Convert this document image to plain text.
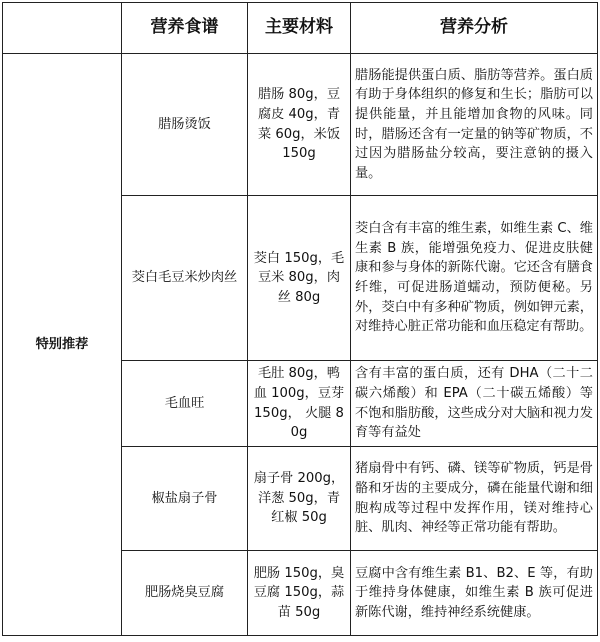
	营养食谱	主要材料	营养分析
特别推荐	腊肠烫饭	腊肠 80g，豆腐皮 40g，青菜 60g，米饭 150g	腊肠能提供蛋白质、脂肪等营养。蛋白质有助于身体组织的修复和生长；脂肪可以提供能量，并且能增加食物的风味。同时，腊肠还含有一定量的钠等矿物质，不过因为腊肠盐分较高，要注意钠的摄入量。
	茭白毛豆米炒肉丝	茭白 150g，毛豆米 80g，肉丝 80g	茭白含有丰富的维生素，如维生素 C、维生素 B 族，能增强免疫力、促进皮肤健康和参与身体的新陈代谢。它还含有膳食纤维，可促进肠道蠕动，预防便秘。另外，茭白中有多种矿物质，例如钾元素，对维持心脏正常功能和血压稳定有帮助。
	毛血旺	毛肚 80g，鸭血 100g，豆芽 150g， 火腿 80g	含有丰富的蛋白质，还有 DHA（二十二碳六烯酸）和 EPA（二十碳五烯酸）等不饱和脂肪酸，这些成分对大脑和视力发育等有益处
	椒盐扇子骨	扇子骨 200g，洋葱 50g，青红椒 50g	猪扇骨中有钙、磷、镁等矿物质，钙是骨骼和牙齿的主要成分，磷在能量代谢和细胞构成等过程中发挥作用，镁对维持心脏、肌肉、神经等正常功能有帮助。
	肥肠烧臭豆腐	肥肠 150g，臭豆腐 150g，蒜苗 50g	豆腐中含有维生素 B1、B2、E 等，有助于维持身体健康，如维生素 B 族可促进新陈代谢，维持神经系统健康。
